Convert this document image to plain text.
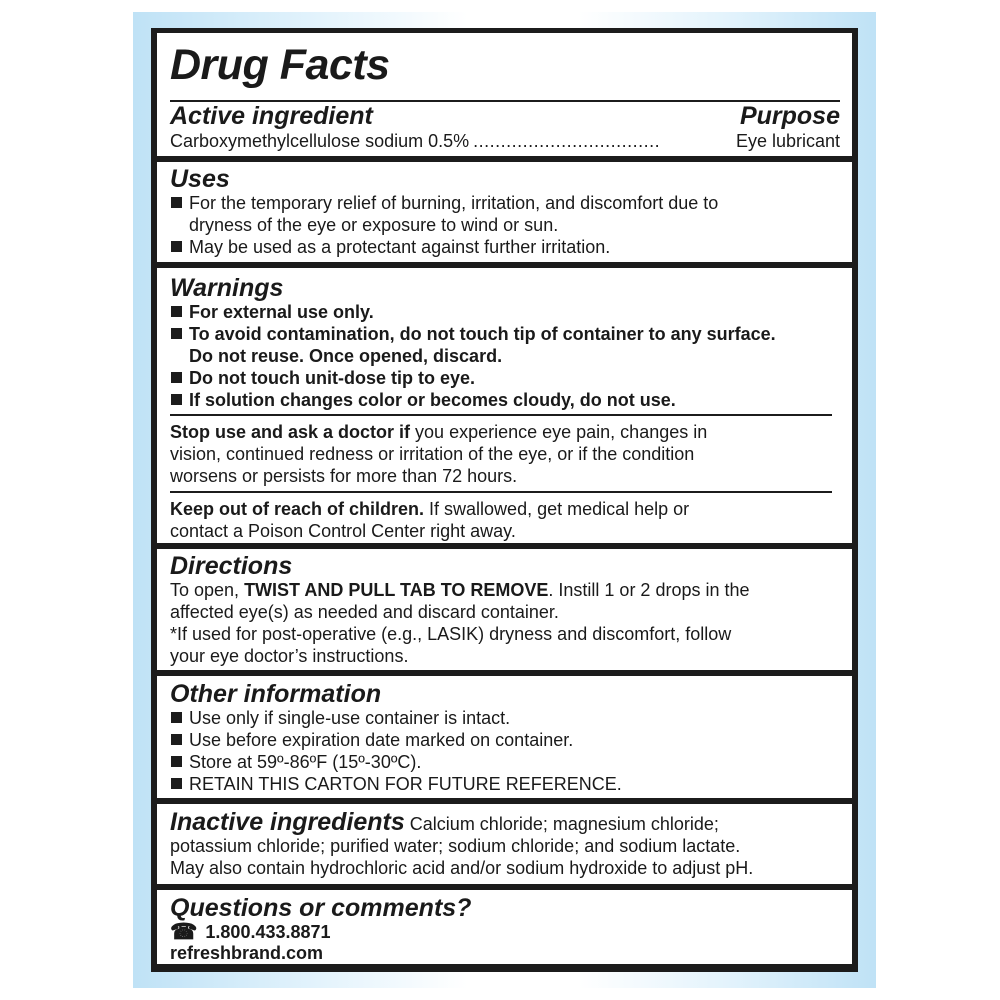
Drug Facts
Active ingredient	Purpose
Carboxymethylcellulose sodium 0.5% ..................................	Eye lubricant
Uses
For the temporary relief of burning, irritation, and discomfort due to
dryness of the eye or exposure to wind or sun.
May be used as a protectant against further irritation.
Warnings
For external use only.
To avoid contamination, do not touch tip of container to any surface.
Do not reuse. Once opened, discard.
Do not touch unit-dose tip to eye.
If solution changes color or becomes cloudy, do not use.
Stop use and ask a doctor if you experience eye pain, changes in
vision, continued redness or irritation of the eye, or if the condition
worsens or persists for more than 72 hours.
Keep out of reach of children. If swallowed, get medical help or
contact a Poison Control Center right away.
Directions
To open, TWIST AND PULL TAB TO REMOVE. Instill 1 or 2 drops in the
affected eye(s) as needed and discard container.
*If used for post-operative (e.g., LASIK) dryness and discomfort, follow
your eye doctor’s instructions.
Other information
Use only if single-use container is intact.
Use before expiration date marked on container.
Store at 59º-86ºF (15º-30ºC).
RETAIN THIS CARTON FOR FUTURE REFERENCE.
Inactive ingredients Calcium chloride; magnesium chloride;
potassium chloride; purified water; sodium chloride; and sodium lactate.
May also contain hydrochloric acid and/or sodium hydroxide to adjust pH.
Questions or comments?
☎ 1.800.433.8871
refreshbrand.com
